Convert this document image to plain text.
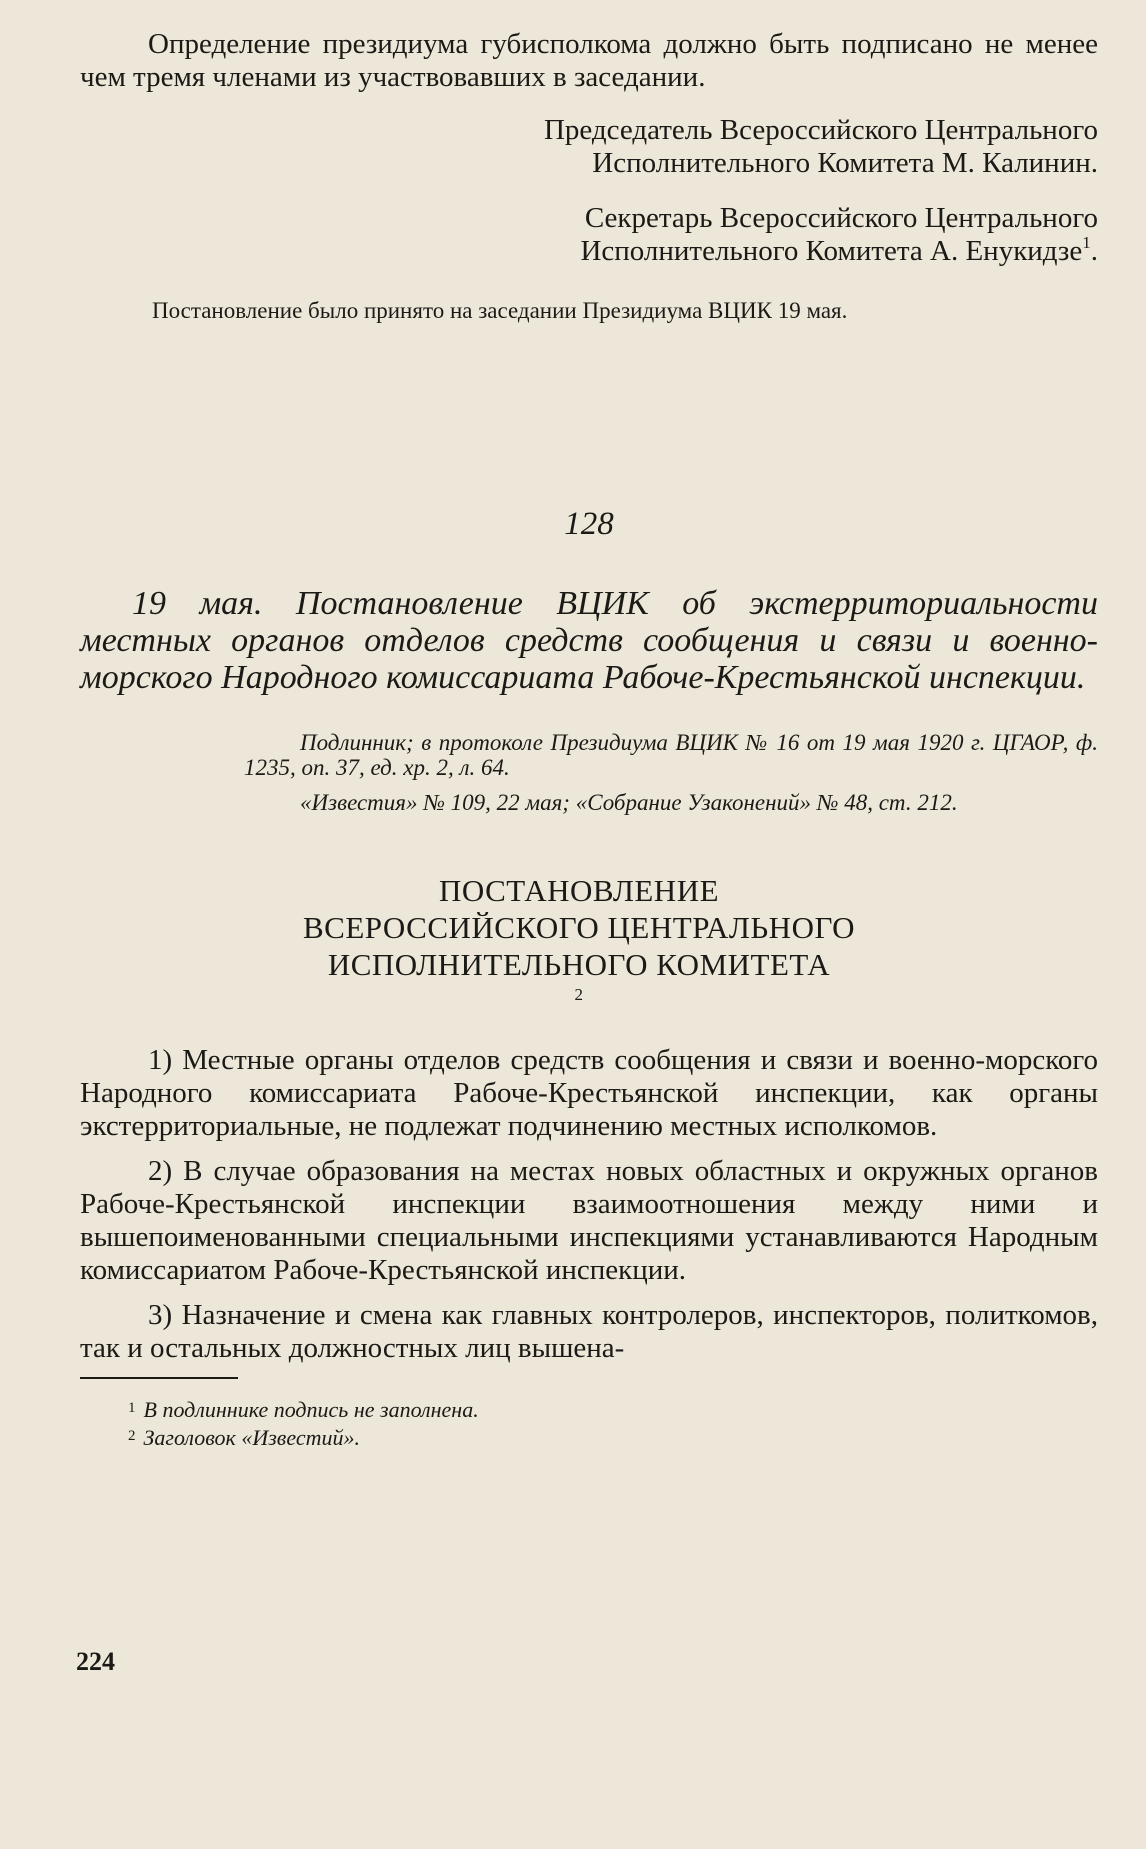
Определение президиума губисполкома должно быть подписано не менее чем тремя членами из участвовавших в заседании.

Председатель Всероссийского Центрального

Исполнительного Комитета М. Калинин.

Секретарь Всероссийского Центрального

Исполнительного Комитета А. Енукидзе$^1$.

Постановление было принято на заседании Президиума ВЦИК 19 мая.

128

19 мая. Постановление ВЦИК об экстерриториальности местных органов отделов средств сообщения и связи и военно-морского Народного комиссариата Рабоче-Крестьянской инспекции.

Подлинник; в протоколе Президиума ВЦИК № 16 от 19 мая 1920 г. ЦГАОР, ф. 1235, оп. 37, ед. хр. 2, л. 64.

«Известия» № 109, 22 мая; «Собрание Узаконений» № 48, ст. 212.

ПОСТАНОВЛЕНИЕ
ВСЕРОССИЙСКОГО ЦЕНТРАЛЬНОГО
ИСПОЛНИТЕЛЬНОГО КОМИТЕТА
$^2$

1) Местные органы отделов средств сообщения и связи и военно-морского Народного комиссариата Рабоче-Крестьянской инспекции, как органы экстерриториальные, не подлежат подчинению местных исполкомов.

2) В случае образования на местах новых областных и окружных органов Рабоче-Крестьянской инспекции взаимоотношения между ними и вышепоименованными специальными инспекциями устанавливаются Народным комиссариатом Рабоче-Крестьянской инспекции.

3) Назначение и смена как главных контролеров, инспекторов, политкомов, так и остальных должностных лиц вышена-

$^1$ В подлиннике подпись не заполнена.

$^2$ Заголовок «Известий».

224
